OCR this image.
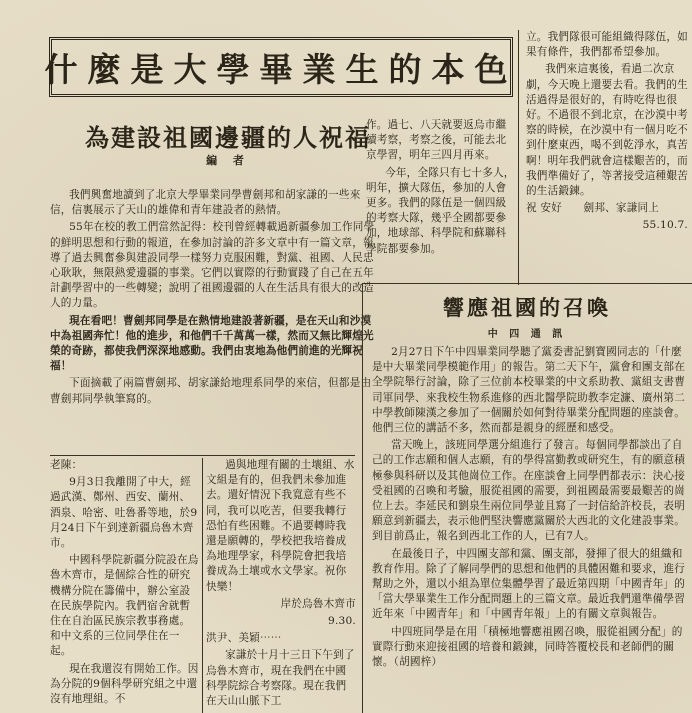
什麼是大學畢業生的本色
為建設祖國邊疆的人祝福
編 者

我們興奮地讀到了北京大學畢業同學曹劍邦和胡家謙的一些來信，信裏展示了天山的雄偉和青年建設者的熱情。

55年在校的教工們當然記得：校刊曾經轉載過新疆參加工作同學的鮮明思想和行動的報道，在參加討論的許多文章中有一篇文章，報導了過去興奮參與建設同學一樣努力克服困難，對黨、祖國、人民忠心耿耿，無限熱愛邊疆的事業。它們以實際的行動實踐了自己在五年計劃學習中的一些轉變；說明了祖國邊疆的人在生活具有很大的改造人的力量。

現在看吧！曹劍邦同學是在熱情地建設著新疆，是在天山和沙漠中為祖國奔忙！他的進步，和他們千千萬萬一樣，然而又無比輝煌光榮的奇跡，都使我們深深地感動。我們由衷地為他們前進的光輝祝福！

下面摘載了兩篇曹劍邦、胡家謙給地理系同學的來信，但都是由曹劍邦同學執筆寫的。

老陳：

9月3日我離開了中大，經過武漢、鄭州、西安、蘭州、酒泉、哈密、吐魯番等地，於9月24日下午到達新疆烏魯木齊市。

中國科學院新疆分院設在烏魯木齊市，是個綜合性的研究機構分院在籌備中，辦公室設在民族學院內。我們宿舍就暫住在自治區民族宗教事務處。和中文系的三位同學住在一起。

現在我還沒有開始工作。因為分院的9個科學研究組之中還沒有地理組。不

過與地理有關的土壤組、水文組是有的，但我們未參加進去。還好情況下我寬意有些不同，我可以吃苦，但要我轉行恐怕有些困難。不過要轉時我還是願轉的，學校把我培養成為地理學家，科學院會把我培養成為土壤或水文學家。祝你快樂！

岸於烏魯木齊市

9.30.

洪尹、美穎⋯⋯

家謙於十月十三日下午到了烏魯木齊市，現在我們在中國科學院綜合考察隊。現在我們在天山山脈下工

作。過七、八天就要返烏市繼續考察，考察之後，可能去北京學習，明年三四月再來。

今年，全隊只有七十多人，明年，擴大隊伍，參加的人會更多。我們的隊伍是一個四級的考察大隊，幾乎全國都要參加，地球部、科學院和蘇聯科學院都要參加。

立。我們隊很可能組織得隊伍，如果有條件，我們都希望參加。

我們來這裏後，看過二次京劇，今天晚上還要去看。我們的生活過得是很好的，有時吃得也很好。不過很不到北京，在沙漠中考察的時候，在沙漠中有一個月吃不到什麼東西，喝不到乾淨水，真苦啊！明年我們就會這樣艱苦的，而我們準備好了，等著接受這種艱苦的生活鍛鍊。

祝 安好　　劍邦、家謙同上

55.10.7.

響應祖國的召喚
中 四 通 訊

2月27日下午中四畢業同學聽了黨委書記劉寶國同志的「什麼是中大畢業同學模範作用」的報告。第二天下午，黨會和團支部在全學院舉行討論，除了三位前本校畢業的中文系助教、黨組支書曹司軍同學、來我校生物系進修的西北醫學院助教李定濂、廣州第二中學教師陳漢之參加了一個關於如何對待畢業分配問題的座談會。他們三位的講話不多，然而都是親身的經歷和感受。

當天晚上，該班同學選分組進行了發言。每個同學都談出了自己的工作志願和個人志願，有的學得富勤教或研究生，有的願意積極參與科研以及其他崗位工作。在座談會上同學們都表示：決心接受祖國的召喚和考驗，服從祖國的需要，到祖國最需要最艱苦的崗位上去。李延民和劉泉生兩位同學並且寫了一封信給許校長，表明願意到新疆去，表示他們堅決響應黨關於大西北的文化建設事業。到目前爲止，報名到西北工作的人，已有7人。

在最後日子，中四團支部和黨、團支部，發揮了很大的組織和教育作用。除了了解同學們的思想和他們的具體困難和要求，進行幫助之外，還以小組為單位集體學習了最近第四期「中國青年」的「當大學畢業生工作分配問題上的三篇文章。最近我們還準備學習近年來「中國青年」和「中國青年報」上的有關文章與報告。

中四班同學是在用「積極地響應祖國召喚，服從祖國分配」的實際行動來迎接祖國的培養和鍛鍊，同時答覆校長和老師們的關懷。（胡國梓）
